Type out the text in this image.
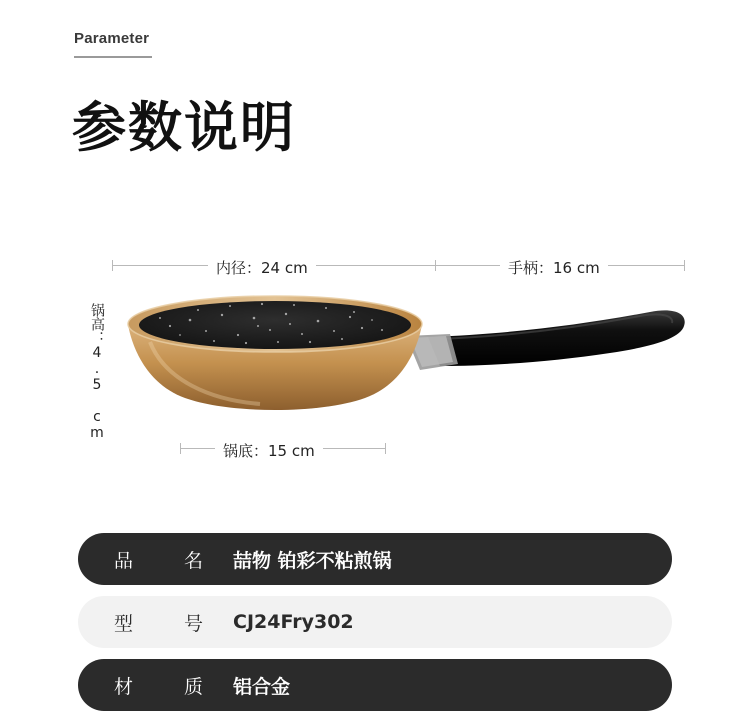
Parameter
参数说明
内径：24 cm	手柄：16 cm
锅高：4.5 cm
锅底：15 cm
品　名 喆物 铂彩不粘煎锅
型　号 CJ24Fry302
材　质 铝合金
